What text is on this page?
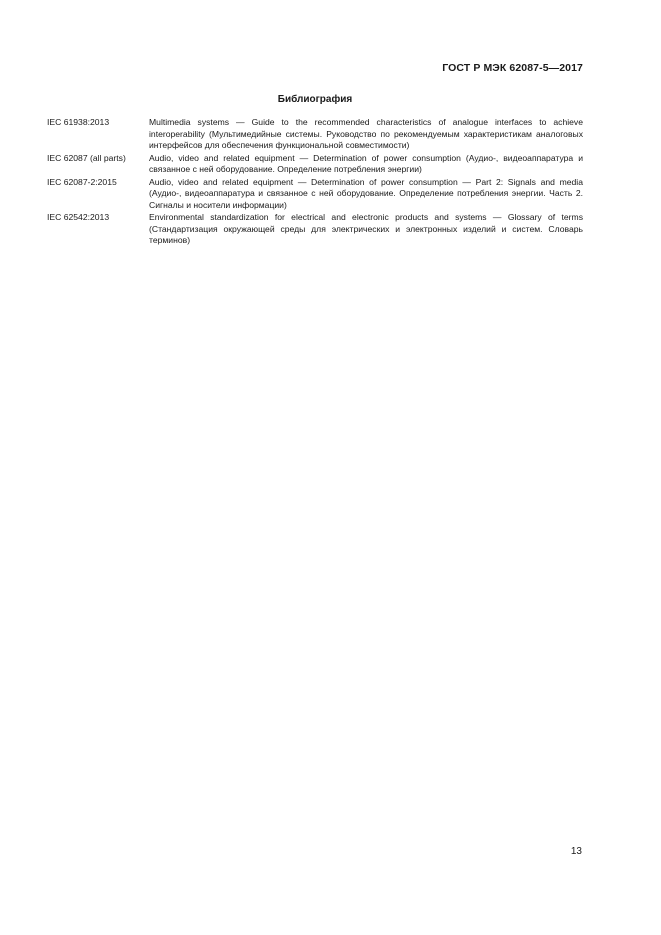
ГОСТ Р МЭК 62087-5—2017
Библиография
IEC 61938:2013	Multimedia systems — Guide to the recommended characteristics of analogue interfaces to achieve interoperability (Мультимедийные системы. Руководство по рекомендуемым характеристикам аналоговых интерфейсов для обеспечения функциональной совместимости)
IEC 62087 (all parts)	Audio, video and related equipment — Determination of power consumption (Аудио-, видеоаппаратура и связанное с ней оборудование. Определение потребления энергии)
IEC 62087-2:2015	Audio, video and related equipment — Determination of power consumption — Part 2: Signals and media (Аудио-, видеоаппаратура и связанное с ней оборудование. Определение потребления энергии. Часть 2. Сигналы и носители информации)
IEC 62542:2013	Environmental standardization for electrical and electronic products and systems — Glossary of terms (Стандартизация окружающей среды для электрических и электронных изделий и систем. Словарь терминов)
13
